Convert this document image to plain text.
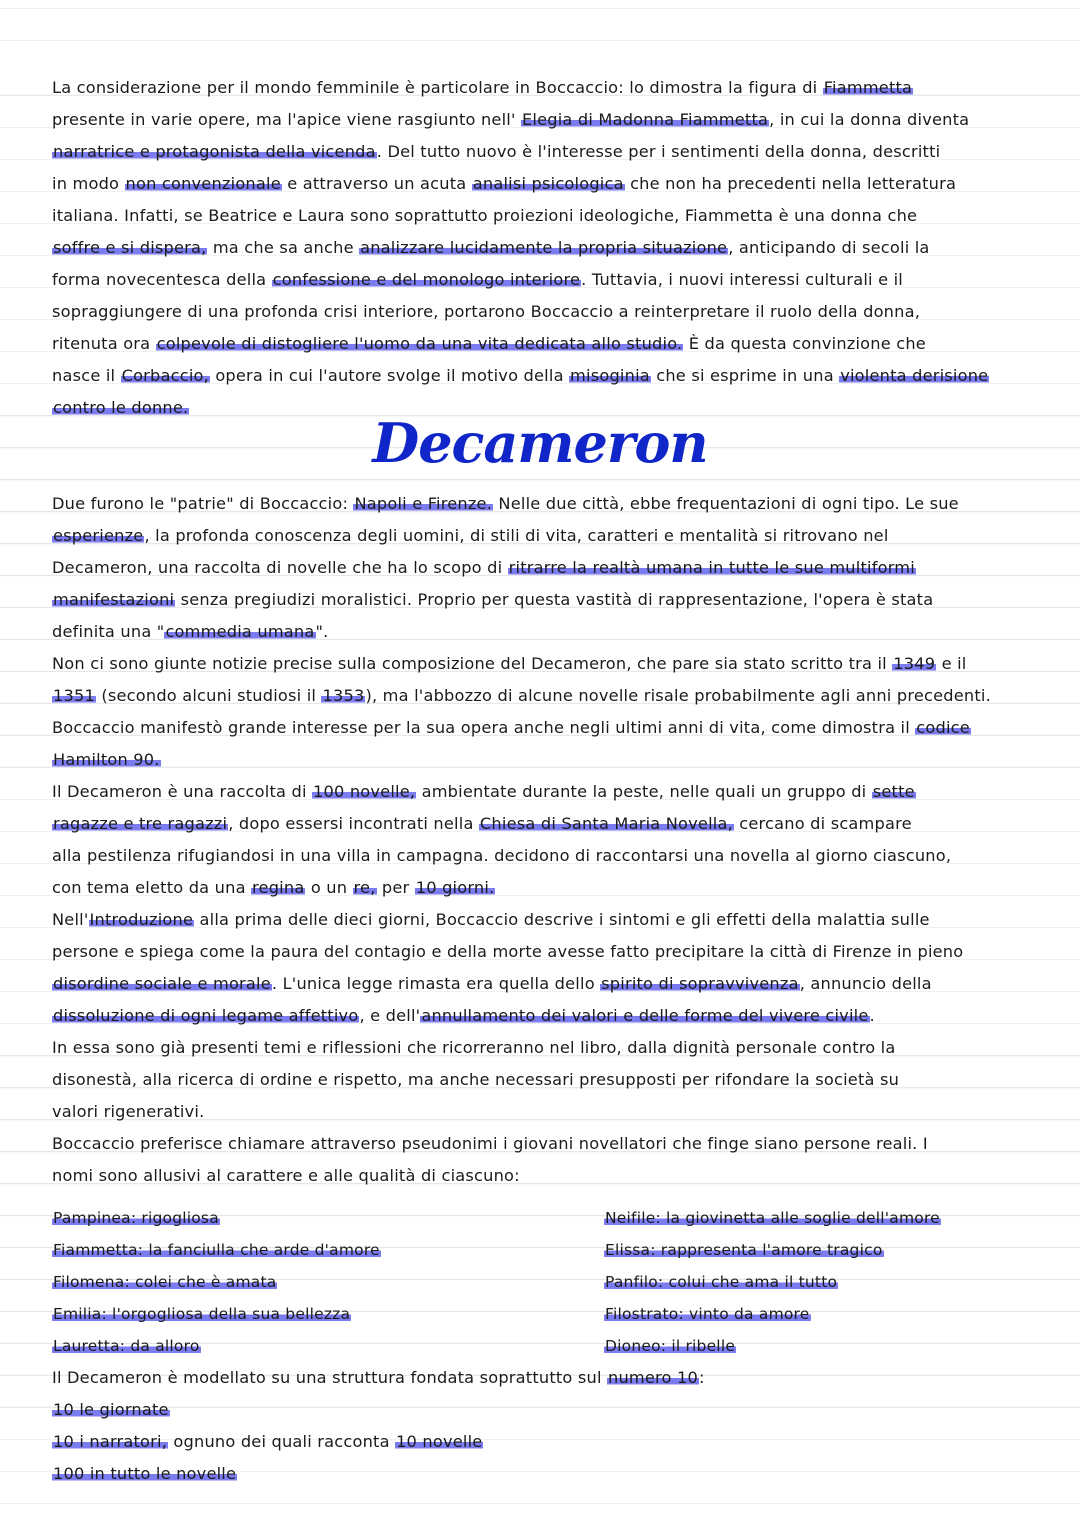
La considerazione per il mondo femminile è particolare in Boccaccio: lo dimostra la figura di Fiammetta
presente in varie opere, ma l'apice viene rasgiunto nell' Elegia di Madonna Fiammetta, in cui la donna diventa
narratrice e protagonista della vicenda. Del tutto nuovo è l'interesse per i sentimenti della donna, descritti
in modo non convenzionale e attraverso un acuta analisi psicologica che non ha precedenti nella letteratura
italiana. Infatti, se Beatrice e Laura sono soprattutto proiezioni ideologiche, Fiammetta è una donna che
soffre e si dispera, ma che sa anche analizzare lucidamente la propria situazione, anticipando di secoli la
forma novecentesca della confessione e del monologo interiore. Tuttavia, i nuovi interessi culturali e il
sopraggiungere di una profonda crisi interiore, portarono Boccaccio a reinterpretare il ruolo della donna,
ritenuta ora colpevole di distogliere l'uomo da una vita dedicata allo studio. È da questa convinzione che
nasce il Corbaccio, opera in cui l'autore svolge il motivo della misoginia che si esprime in una violenta derisione
contro le donne.
Decameron
Due furono le "patrie" di Boccaccio: Napoli e Firenze. Nelle due città, ebbe frequentazioni di ogni tipo. Le sue
esperienze, la profonda conoscenza degli uomini, di stili di vita, caratteri e mentalità si ritrovano nel
Decameron, una raccolta di novelle che ha lo scopo di ritrarre la realtà umana in tutte le sue multiformi
manifestazioni senza pregiudizi moralistici. Proprio per questa vastità di rappresentazione, l'opera è stata
definita una "commedia umana".
Non ci sono giunte notizie precise sulla composizione del Decameron, che pare sia stato scritto tra il 1349 e il
1351 (secondo alcuni studiosi il 1353), ma l'abbozzo di alcune novelle risale probabilmente agli anni precedenti.
Boccaccio manifestò grande interesse per la sua opera anche negli ultimi anni di vita, come dimostra il codice
Hamilton 90.
Il Decameron è una raccolta di 100 novelle, ambientate durante la peste, nelle quali un gruppo di sette
ragazze e tre ragazzi, dopo essersi incontrati nella Chiesa di Santa Maria Novella, cercano di scampare
alla pestilenza rifugiandosi in una villa in campagna. decidono di raccontarsi una novella al giorno ciascuno,
con tema eletto da una regina o un re, per 10 giorni.
Nell'Introduzione alla prima delle dieci giorni, Boccaccio descrive i sintomi e gli effetti della malattia sulle
persone e spiega come la paura del contagio e della morte avesse fatto precipitare la città di Firenze in pieno
disordine sociale e morale. L'unica legge rimasta era quella dello spirito di sopravvivenza, annuncio della
dissoluzione di ogni legame affettivo, e dell'annullamento dei valori e delle forme del vivere civile.
In essa sono già presenti temi e riflessioni che ricorreranno nel libro, dalla dignità personale contro la
disonestà, alla ricerca di ordine e rispetto, ma anche necessari presupposti per rifondare la società su
valori rigenerativi.
Boccaccio preferisce chiamare attraverso pseudonimi i giovani novellatori che finge siano persone reali. I
nomi sono allusivi al carattere e alle qualità di ciascuno:
Pampinea: rigogliosa
Fiammetta: la fanciulla che arde d'amore
Filomena: colei che è amata
Emilia: l'orgogliosa della sua bellezza
Lauretta: da alloro
Neifile: la giovinetta alle soglie dell'amore
Elissa: rappresenta l'amore tragico
Panfilo: colui che ama il tutto
Filostrato: vinto da amore
Dioneo: il ribelle
Il Decameron è modellato su una struttura fondata soprattutto sul numero 10:
10 le giornate
10 i narratori, ognuno dei quali racconta 10 novelle
100 in tutto le novelle
